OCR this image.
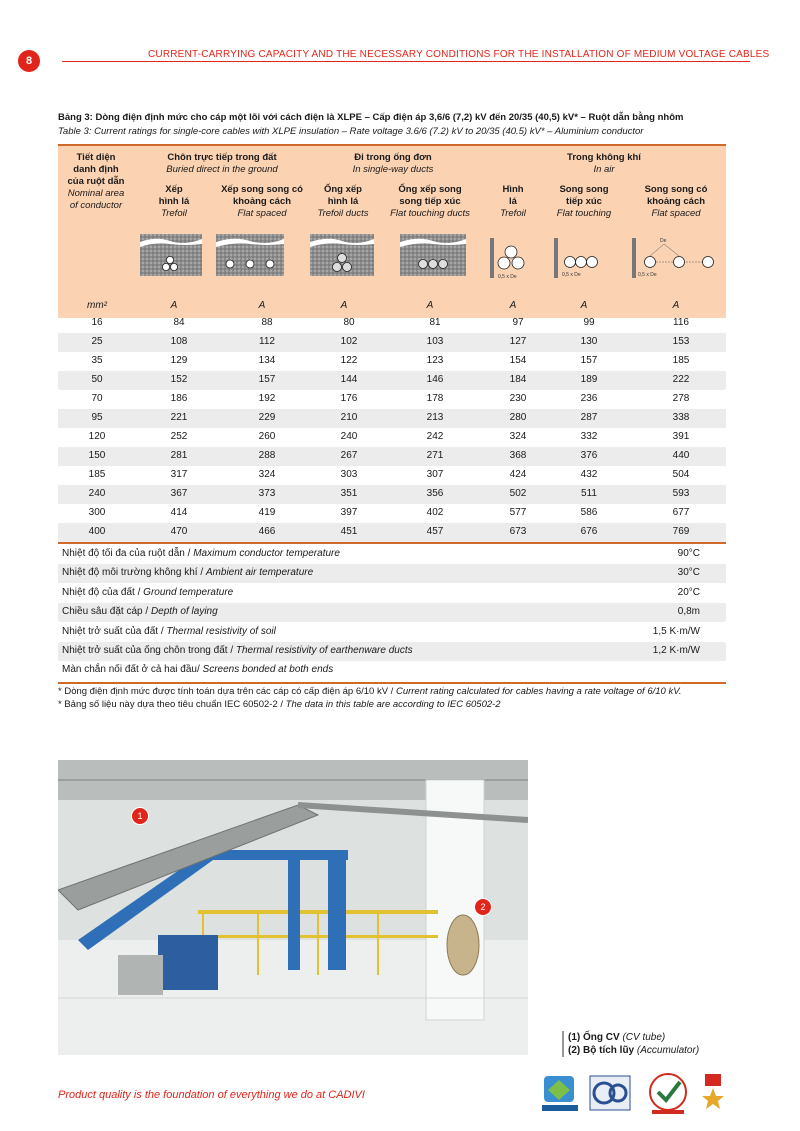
8
CURRENT-CARRYING CAPACITY AND THE NECESSARY CONDITIONS FOR THE INSTALLATION OF MEDIUM VOLTAGE CABLES
Bảng 3: Dòng điện định mức cho cáp một lõi với cách điện là XLPE – Cấp điện áp 3,6/6 (7,2) kV đến 20/35 (40,5) kV* – Ruột dẫn bằng nhôm
Table 3: Current ratings for single-core cables with XLPE insulation – Rate voltage 3.6/6 (7.2) kV to 20/35 (40.5) kV* – Aluminium conductor
Tiết diện
danh định
của ruột dẫn
Nominal area
of conductor
Chôn trực tiếp trong đất
Buried direct in the ground
Đi trong ống đơn
In single-way ducts
Trong không khí
In air
Xếp
hình lá
Trefoil
Xếp song song có
khoảng cách
Flat spaced
Ống xếp
hình lá
Trefoil ducts
Ống xếp song
song tiếp xúc
Flat touching ducts
Hình
lá
Trefoil
Song song
tiếp xúc
Flat touching
Song song có
khoảng cách
Flat spaced
0,5 x De	0,5 x De
De
0,5 x De
mm²	A	A	A	A	A	A	A
16	84	88	80	81	97	99	116
25	108	112	102	103	127	130	153
35	129	134	122	123	154	157	185
50	152	157	144	146	184	189	222
70	186	192	176	178	230	236	278
95	221	229	210	213	280	287	338
120	252	260	240	242	324	332	391
150	281	288	267	271	368	376	440
185	317	324	303	307	424	432	504
240	367	373	351	356	502	511	593
300	414	419	397	402	577	586	677
400	470	466	451	457	673	676	769
Nhiệt độ tối đa của ruột dẫn / Maximum conductor temperature	90°C
Nhiệt độ môi trường không khí / Ambient air temperature	30°C
Nhiệt độ của đất / Ground temperature	20°C
Chiều sâu đặt cáp / Depth of laying	0,8m
Nhiệt trở suất của đất / Thermal resistivity of soil	1,5 K·m/W
Nhiệt trở suất của ống chôn trong đất / Thermal resistivity of earthenware ducts	1,2 K·m/W
Màn chắn nối đất ở cả hai đầu/ Screens bonded at both ends
* Dòng điện định mức được tính toán dựa trên các cáp có cấp điện áp 6/10 kV / Current rating calculated for cables having a rate voltage of 6/10 kV.
* Bảng số liệu này dựa theo tiêu chuẩn IEC 60502-2 / The data in this table are according to IEC 60502-2
1
2
(1) Ống CV (CV tube)
(2) Bộ tích lũy (Accumulator)
Product quality is the foundation of everything we do at CADIVI
